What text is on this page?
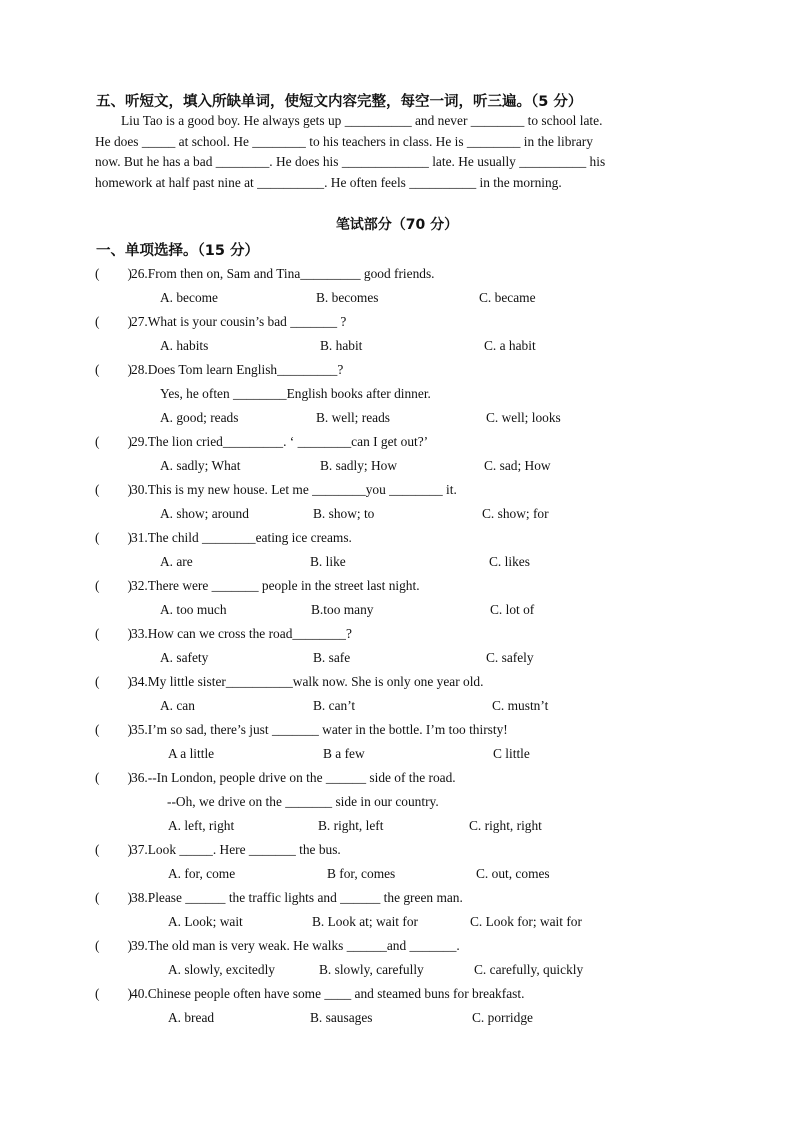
五、听短文，填入所缺单词，使短文内容完整，每空一词，听三遍。（5 分）
Liu Tao is a good boy. He always gets up __________ and never ________ to school late.
He does _____ at school. He ________ to his teachers in class. He is ________ in the library
now. But he has a bad ________. He does his _____________ late. He usually __________ his
homework at half past nine at __________. He often feels __________ in the morning.
笔试部分（70 分）
一、单项选择。（15 分）
( )26.From then on, Sam and Tina_________ good friends.
A. become	B. becomes	C. became
( )27.What is your cousin’s bad _______ ?
A. habits	B. habit	C. a habit
( )28.Does Tom learn English_________?
Yes, he often ________English books after dinner.
A. good; reads	B. well; reads	C. well; looks
( )29.The lion cried_________. ‘ ________can I get out?’
A. sadly; What	B. sadly; How	C. sad; How
( )30.This is my new house. Let me ________you ________ it.
A. show; around	B. show; to	C. show; for
( )31.The child ________eating ice creams.
A. are	B. like	C. likes
( )32.There were _______ people in the street last night.
A. too much	B.too many	C. lot of
( )33.How can we cross the road________?
A. safety	B. safe	C. safely
( )34.My little sister__________walk now. She is only one year old.
A. can	B. can’t	C. mustn’t
( )35.I’m so sad, there’s just _______ water in the bottle. I’m too thirsty!
A a little	B a few	C little
( )36.--In London, people drive on the ______ side of the road.
--Oh, we drive on the _______ side in our country.
A. left, right	B. right, left	C. right, right
( )37.Look _____. Here _______ the bus.
A. for, come	B for, comes	C. out, comes
( )38.Please ______ the traffic lights and ______ the green man.
A. Look; wait	B. Look at; wait for	C. Look for; wait for
( )39.The old man is very weak. He walks ______and _______.
A. slowly, excitedly	B. slowly, carefully	C. carefully, quickly
( )40.Chinese people often have some ____ and steamed buns for breakfast.
A. bread	B. sausages	C. porridge
